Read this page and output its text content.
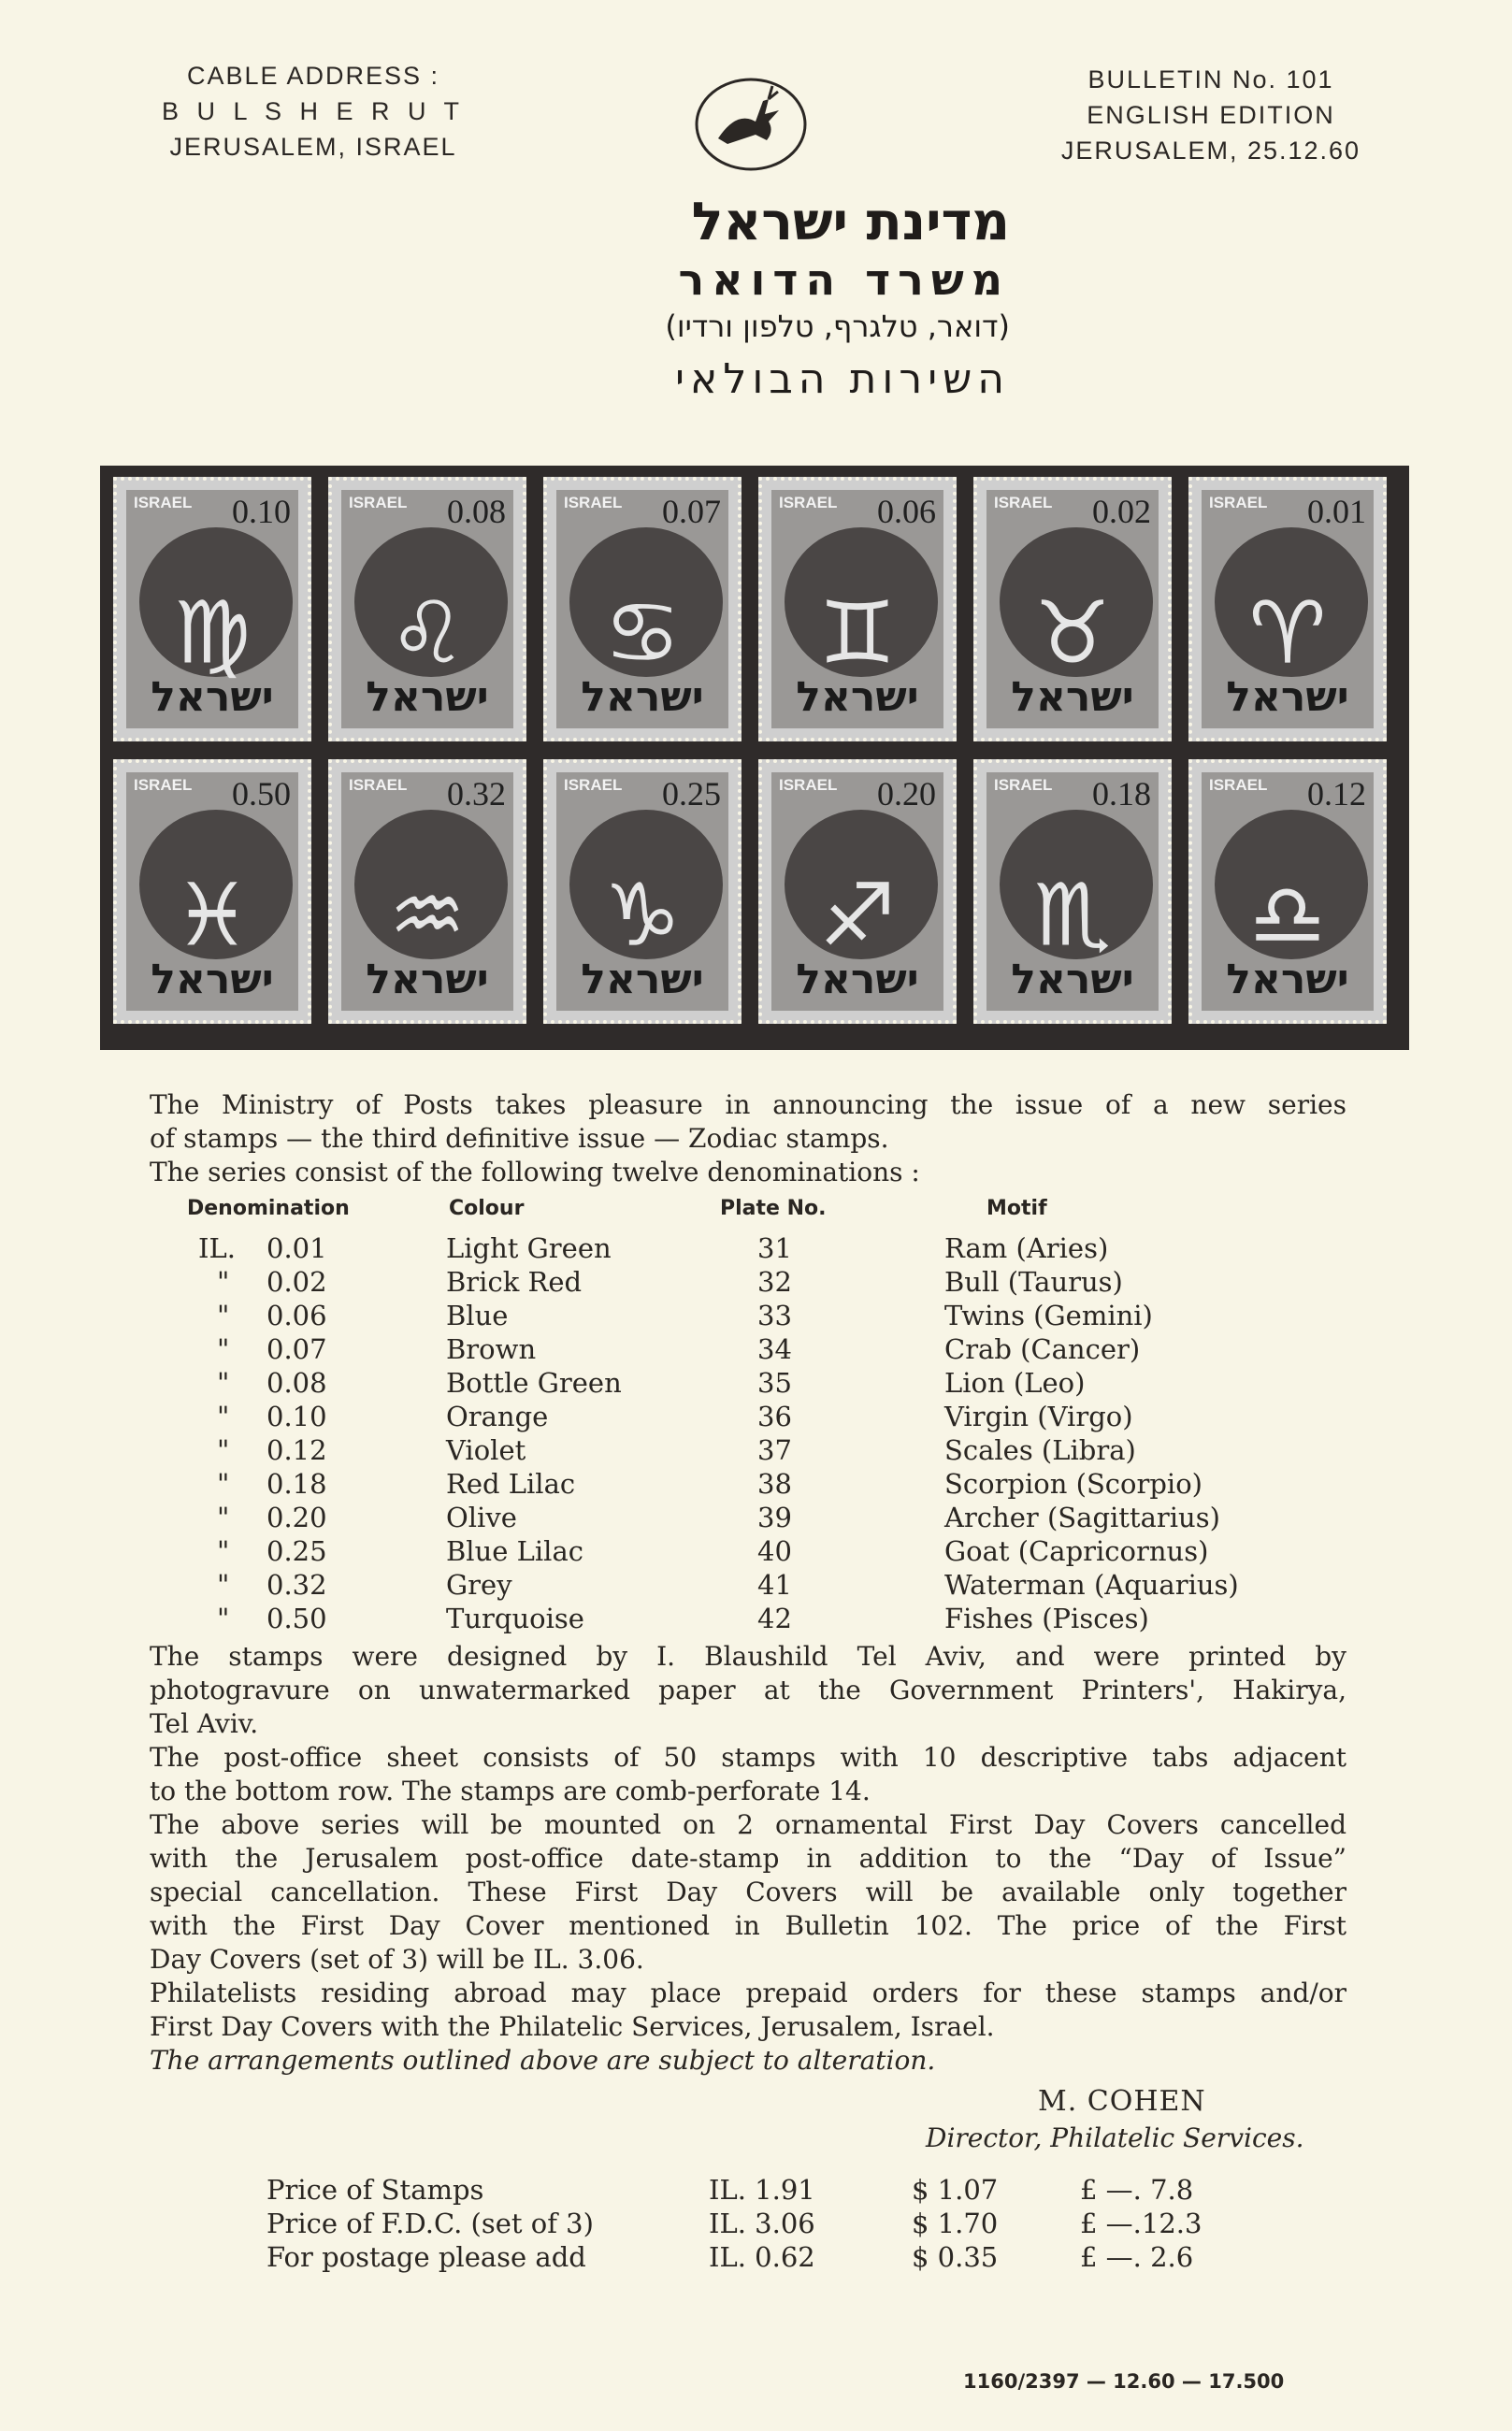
CABLE ADDRESS :
B U L S H E R U T
JERUSALEM, ISRAEL
BULLETIN No. 101
ENGLISH EDITION
JERUSALEM, 25.12.60
מדינת ישראל
משרד הדואר
(דואר, טלגרף, טלפון ורדיו)
השירות הבולאי
♍
ISRAEL 0.10
ישראל
♌
ISRAEL 0.08
ישראל
♋
ISRAEL 0.07
ישראל
♊
ISRAEL 0.06
ישראל
♉
ISRAEL 0.02
ישראל
♈
ISRAEL 0.01
ישראל
♓
ISRAEL 0.50
ישראל
♒
ISRAEL 0.32
ישראל
♑
ISRAEL 0.25
ישראל
♐
ISRAEL 0.20
ישראל
♏
ISRAEL 0.18
ישראל
♎
ISRAEL 0.12
ישראל
The Ministry of Posts takes pleasure in announcing the issue of a new series
of stamps — the third definitive issue — Zodiac stamps.
The series consist of the following twelve denominations :
Denomination	Colour	Plate No.	Motif
IL. 0.01	Light Green	31	Ram (Aries)
" 0.02	Brick Red	32	Bull (Taurus)
" 0.06	Blue	33	Twins (Gemini)
" 0.07	Brown	34	Crab (Cancer)
" 0.08	Bottle Green	35	Lion (Leo)
" 0.10	Orange	36	Virgin (Virgo)
" 0.12	Violet	37	Scales (Libra)
" 0.18	Red Lilac	38	Scorpion (Scorpio)
" 0.20	Olive	39	Archer (Sagittarius)
" 0.25	Blue Lilac	40	Goat (Capricornus)
" 0.32	Grey	41	Waterman (Aquarius)
" 0.50	Turquoise	42	Fishes (Pisces)
The stamps were designed by I. Blaushild Tel Aviv, and were printed by
photogravure on unwatermarked paper at the Government Printers', Hakirya,
Tel Aviv.
The post-office sheet consists of 50 stamps with 10 descriptive tabs adjacent
to the bottom row. The stamps are comb-perforate 14.
The above series will be mounted on 2 ornamental First Day Covers cancelled
with the Jerusalem post-office date-stamp in addition to the “Day of Issue”
special cancellation. These First Day Covers will be available only together
with the First Day Cover mentioned in Bulletin 102. The price of the First
Day Covers (set of 3) will be IL. 3.06.
Philatelists residing abroad may place prepaid orders for these stamps and/or
First Day Covers with the Philatelic Services, Jerusalem, Israel.
The arrangements outlined above are subject to alteration.
M. COHEN
Director, Philatelic Services.
Price of Stamps	IL. 1.91	$ 1.07	£ —. 7.8
Price of F.D.C. (set of 3)	IL. 3.06	$ 1.70	£ —.12.3
For postage please add	IL. 0.62	$ 0.35	£ —. 2.6
1160/2397 — 12.60 — 17.500
